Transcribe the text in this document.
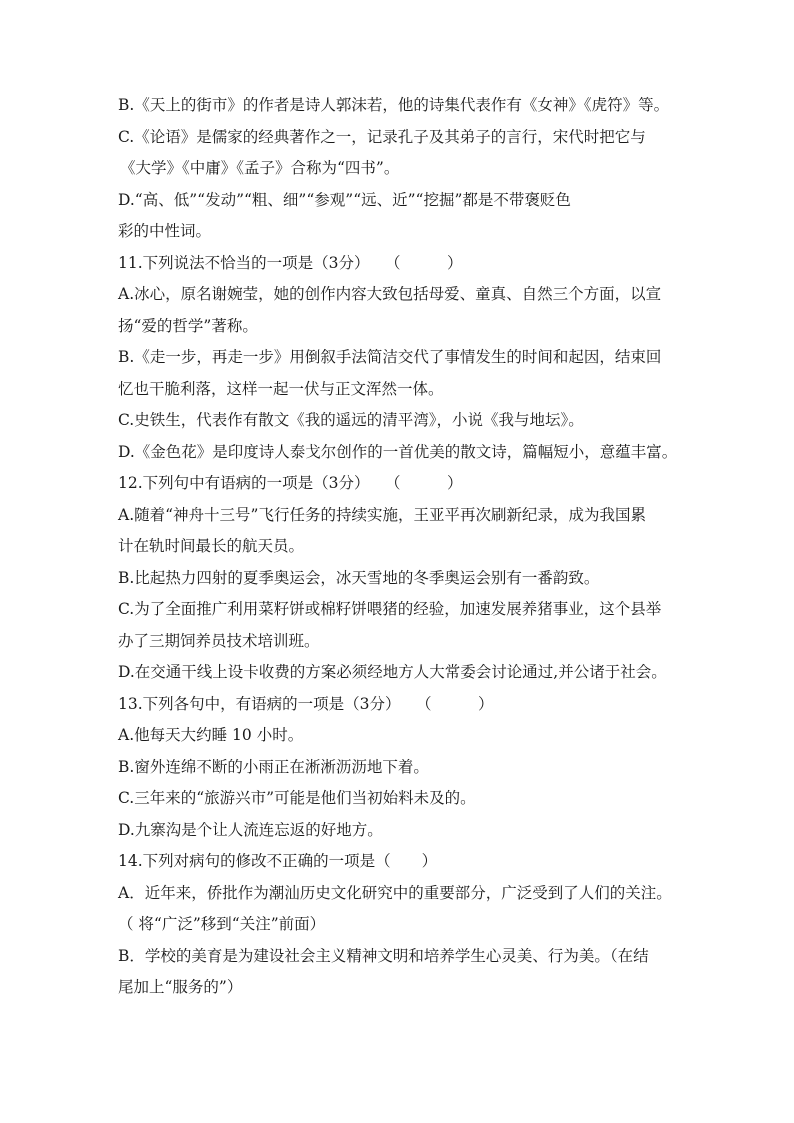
B.《天上的街市》的作者是诗人郭沫若，他的诗集代表作有《女神》《虎符》等。
C.《论语》是儒家的经典著作之一，记录孔子及其弟子的言行，宋代时把它与
《大学》《中庸》《孟子》合称为“四书”。
D.“高、低”“发动”“粗、细”“参观”“远、近”“挖掘”都是不带褒贬色
彩的中性词。
11.下列说法不恰当的一项是（3分）　　（　　　）
A.冰心，原名谢婉莹，她的创作内容大致包括母爱、童真、自然三个方面，以宣
扬“爱的哲学”著称。
B.《走一步，再走一步》用倒叙手法简洁交代了事情发生的时间和起因，结束回
忆也干脆利落，这样一起一伏与正文浑然一体。
C.史铁生，代表作有散文《我的遥远的清平湾》，小说《我与地坛》。
D.《金色花》是印度诗人泰戈尔创作的一首优美的散文诗，篇幅短小，意蕴丰富。
12.下列句中有语病的一项是（3分）　　（　　　）
A.随着“神舟十三号”飞行任务的持续实施，王亚平再次刷新纪录，成为我国累
计在轨时间最长的航天员。
B.比起热力四射的夏季奥运会，冰天雪地的冬季奥运会别有一番韵致。
C.为了全面推广利用菜籽饼或棉籽饼喂猪的经验，加速发展养猪事业，这个县举
办了三期饲养员技术培训班。
D.在交通干线上设卡收费的方案必须经地方人大常委会讨论通过,并公诸于社会。
13.下列各句中，有语病的一项是（3分）　　（　　　）
A.他每天大约睡 10 小时。
B.窗外连绵不断的小雨正在淅淅沥沥地下着。
C.三年来的“旅游兴市”可能是他们当初始料未及的。
D.九寨沟是个让人流连忘返的好地方。
14.下列对病句的修改不正确的一项是（　　）
A．近年来，侨批作为潮汕历史文化研究中的重要部分，广泛受到了人们的关注。
（ 将“广泛”移到“关注”前面）
B．学校的美育是为建设社会主义精神文明和培养学生心灵美、行为美。（在结
尾加上“服务的”）
